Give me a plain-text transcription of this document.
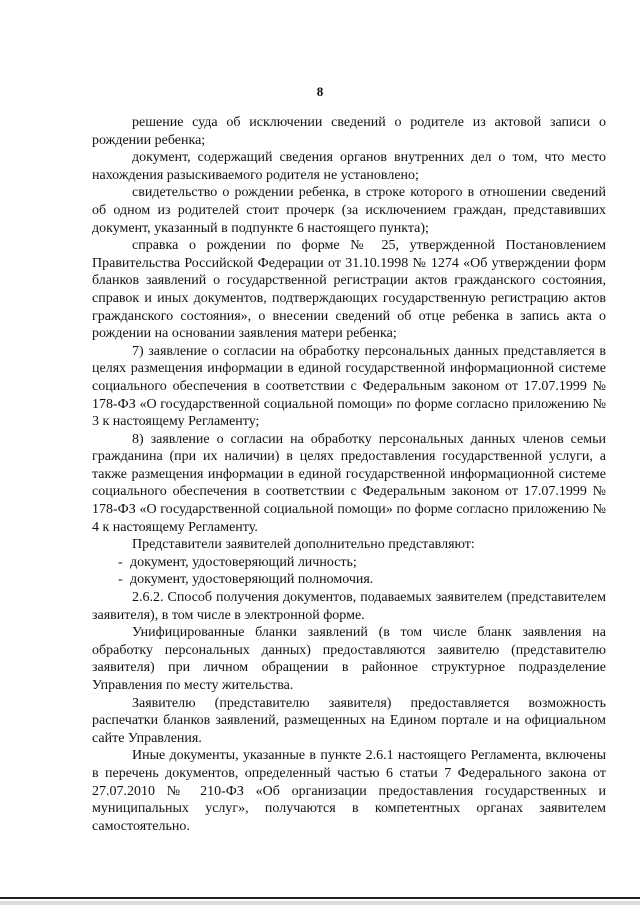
8

решение суда об исключении сведений о родителе из актовой записи о рождении ребенка;

документ, содержащий сведения органов внутренних дел о том, что место нахождения разыскиваемого родителя не установлено;

свидетельство о рождении ребенка, в строке которого в отношении сведений об одном из родителей стоит прочерк (за исключением граждан, представивших документ, указанный в подпункте 6 настоящего пункта);

справка о рождении по форме № 25, утвержденной Постановлением Правительства Российской Федерации от 31.10.1998 № 1274 «Об утверждении форм бланков заявлений о государственной регистрации актов гражданского состояния, справок и иных документов, подтверждающих государственную регистрацию актов гражданского состояния», о внесении сведений об отце ребенка в запись акта о рождении на основании заявления матери ребенка;

7) заявление о согласии на обработку персональных данных представляется в целях размещения информации в единой государственной информационной системе социального обеспечения в соответствии с Федеральным законом от 17.07.1999 № 178-ФЗ «О государственной социальной помощи» по форме согласно приложению № 3 к настоящему Регламенту;

8) заявление о согласии на обработку персональных данных членов семьи гражданина (при их наличии) в целях предоставления государственной услуги, а также размещения информации в единой государственной информационной системе социального обеспечения в соответствии с Федеральным законом от 17.07.1999 № 178-ФЗ «О государственной социальной помощи» по форме согласно приложению № 4 к настоящему Регламенту.

Представители заявителей дополнительно представляют:

- документ, удостоверяющий личность;

- документ, удостоверяющий полномочия.

2.6.2. Способ получения документов, подаваемых заявителем (представителем заявителя), в том числе в электронной форме.

Унифицированные бланки заявлений (в том числе бланк заявления на обработку персональных данных) предоставляются заявителю (представителю заявителя) при личном обращении в районное структурное подразделение Управления по месту жительства.

Заявителю (представителю заявителя) предоставляется возможность распечатки бланков заявлений, размещенных на Едином портале и на официальном сайте Управления.

Иные документы, указанные в пункте 2.6.1 настоящего Регламента, включены в перечень документов, определенный частью 6 статьи 7 Федерального закона от 27.07.2010 № 210-ФЗ «Об организации предоставления государственных и муниципальных услуг», получаются в компетентных органах заявителем самостоятельно.
